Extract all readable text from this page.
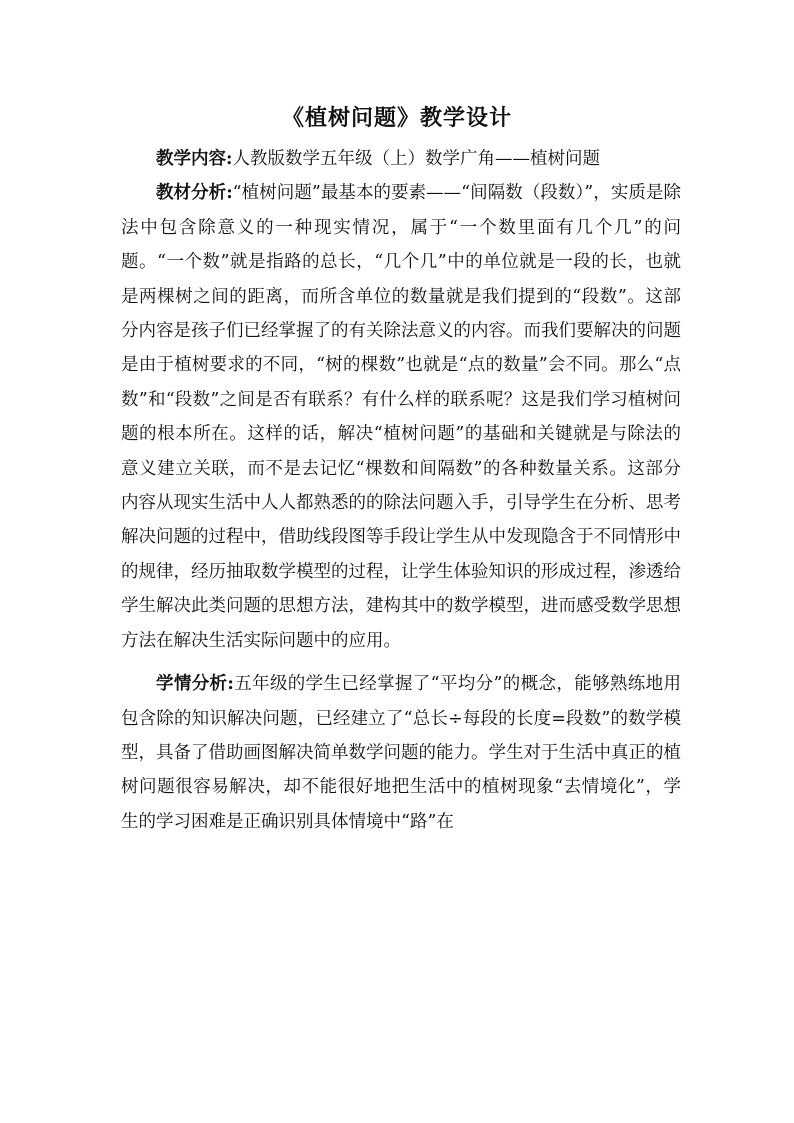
《植树问题》教学设计

教学内容:人教版数学五年级（上）数学广角——植树问题

教材分析:“植树问题”最基本的要素——“间隔数（段数）”，实质是除法中包含除意义的一种现实情况，属于“一个数里面有几个几”的问题。“一个数”就是指路的总长，“几个几”中的单位就是一段的长，也就是两棵树之间的距离，而所含单位的数量就是我们提到的“段数”。这部分内容是孩子们已经掌握了的有关除法意义的内容。而我们要解决的问题是由于植树要求的不同，“树的棵数”也就是“点的数量”会不同。那么“点数”和“段数”之间是否有联系？有什么样的联系呢？这是我们学习植树问题的根本所在。这样的话，解决“植树问题”的基础和关键就是与除法的意义建立关联，而不是去记忆“棵数和间隔数”的各种数量关系。这部分内容从现实生活中人人都熟悉的的除法问题入手，引导学生在分析、思考解决问题的过程中，借助线段图等手段让学生从中发现隐含于不同情形中的规律，经历抽取数学模型的过程，让学生体验知识的形成过程，渗透给学生解决此类问题的思想方法，建构其中的数学模型，进而感受数学思想方法在解决生活实际问题中的应用。

学情分析:五年级的学生已经掌握了“平均分”的概念，能够熟练地用包含除的知识解决问题，已经建立了“总长÷每段的长度=段数”的数学模型，具备了借助画图解决简单数学问题的能力。学生对于生活中真正的植树问题很容易解决，却不能很好地把生活中的植树现象“去情境化”，学生的学习困难是正确识别具体情境中“路”在
